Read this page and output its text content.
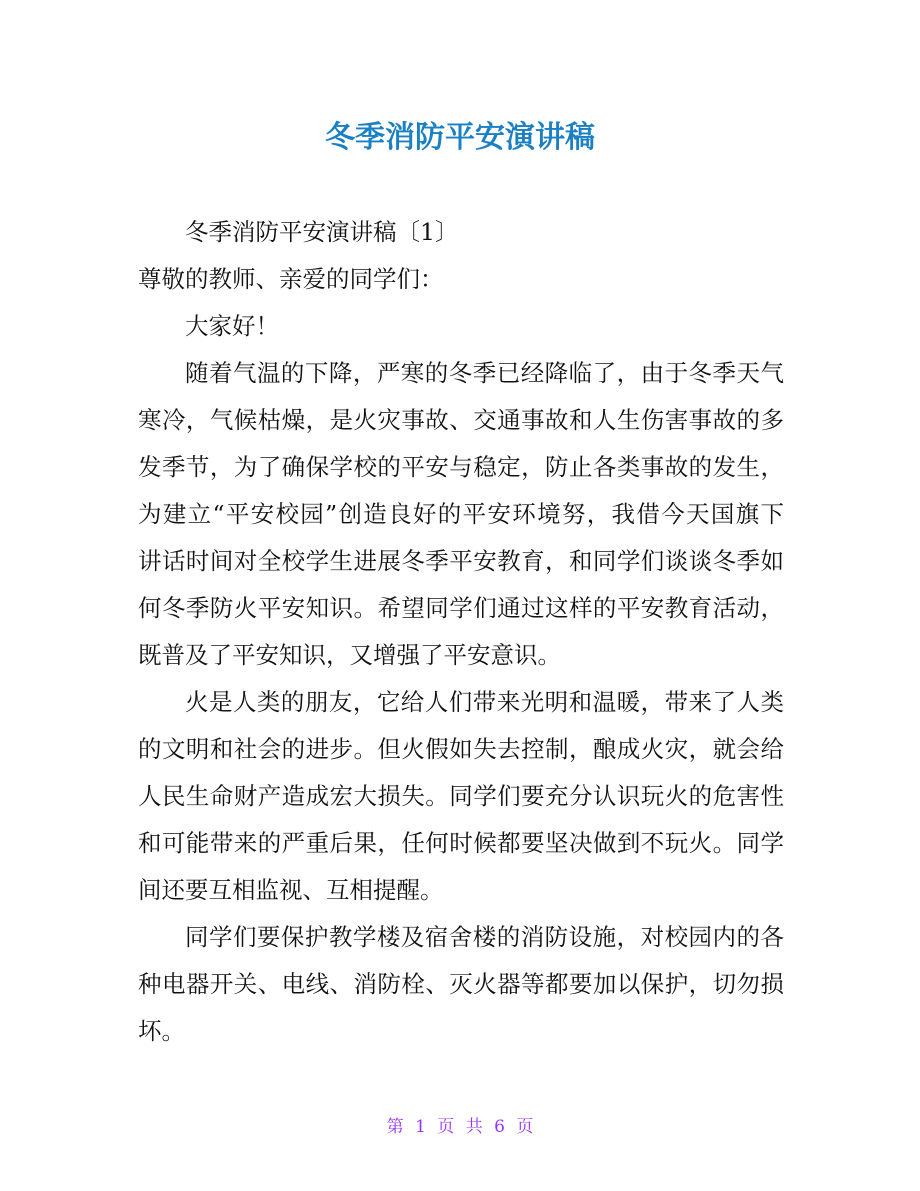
冬季消防平安演讲稿
冬季消防平安演讲稿〔1〕
尊敬的教师、亲爱的同学们：
大家好！
随着气温的下降，严寒的冬季已经降临了，由于冬季天气
寒冷，气候枯燥，是火灾事故、交通事故和人生伤害事故的多
发季节，为了确保学校的平安与稳定，防止各类事故的发生，
为建立“平安校园”创造良好的平安环境努，我借今天国旗下
讲话时间对全校学生进展冬季平安教育，和同学们谈谈冬季如
何冬季防火平安知识。希望同学们通过这样的平安教育活动，
既普及了平安知识，又增强了平安意识。
火是人类的朋友，它给人们带来光明和温暖，带来了人类
的文明和社会的进步。但火假如失去控制，酿成火灾，就会给
人民生命财产造成宏大损失。同学们要充分认识玩火的危害性
和可能带来的严重后果，任何时候都要坚决做到不玩火。同学
间还要互相监视、互相提醒。
同学们要保护教学楼及宿舍楼的消防设施，对校园内的各
种电器开关、电线、消防栓、灭火器等都要加以保护，切勿损
坏。
第 1 页 共 6 页
